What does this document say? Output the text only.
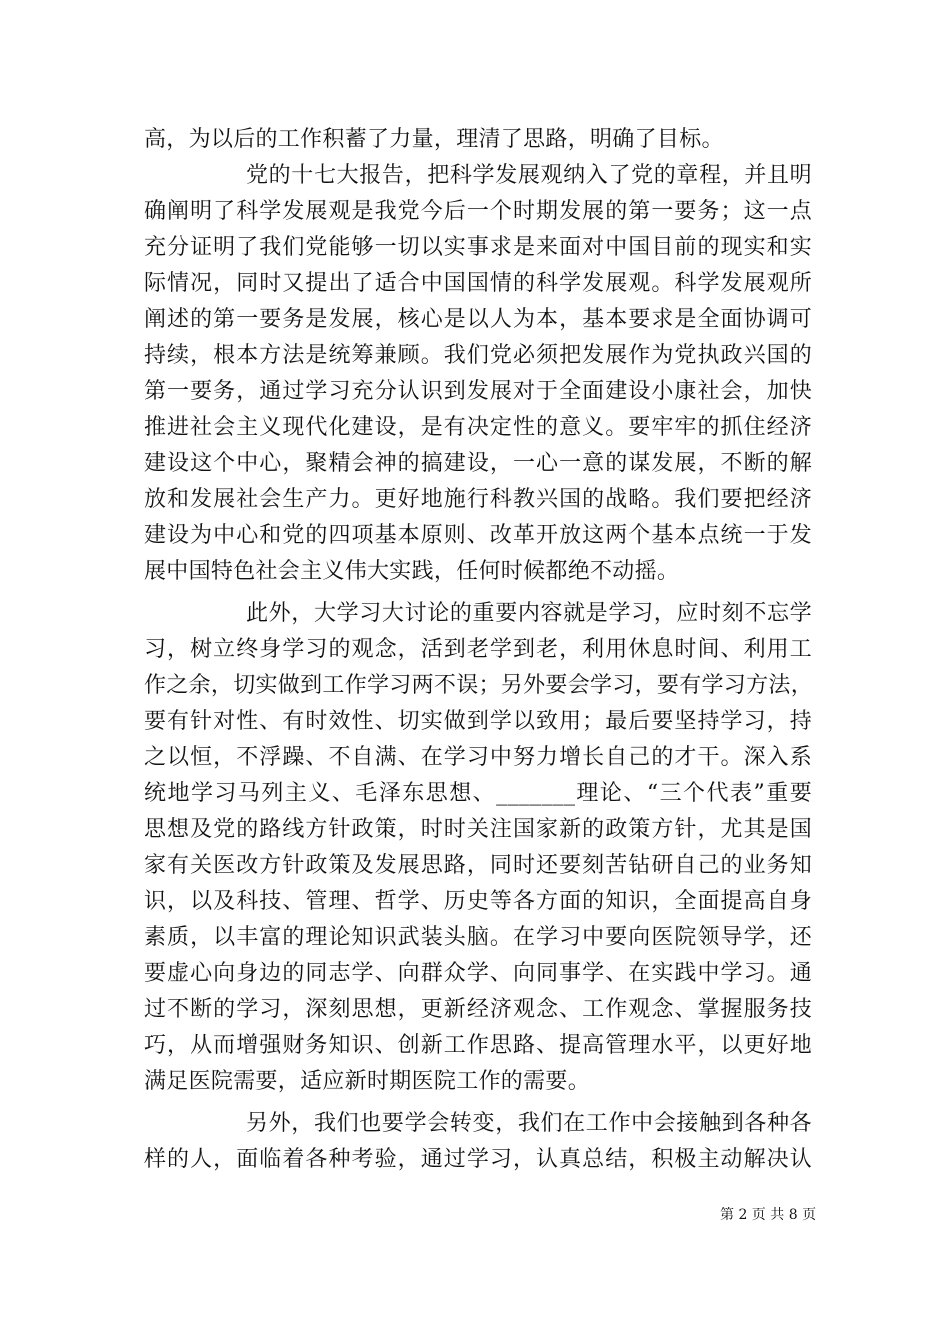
高，为以后的工作积蓄了力量，理清了思路，明确了目标。
党的十七大报告，把科学发展观纳入了党的章程，并且明
确阐明了科学发展观是我党今后一个时期发展的第一要务；这一点
充分证明了我们党能够一切以实事求是来面对中国目前的现实和实
际情况，同时又提出了适合中国国情的科学发展观。科学发展观所
阐述的第一要务是发展，核心是以人为本，基本要求是全面协调可
持续，根本方法是统筹兼顾。我们党必须把发展作为党执政兴国的
第一要务，通过学习充分认识到发展对于全面建设小康社会，加快
推进社会主义现代化建设，是有决定性的意义。要牢牢的抓住经济
建设这个中心，聚精会神的搞建设，一心一意的谋发展，不断的解
放和发展社会生产力。更好地施行科教兴国的战略。我们要把经济
建设为中心和党的四项基本原则、改革开放这两个基本点统一于发
展中国特色社会主义伟大实践，任何时候都绝不动摇。
此外，大学习大讨论的重要内容就是学习，应时刻不忘学
习，树立终身学习的观念，活到老学到老，利用休息时间、利用工
作之余，切实做到工作学习两不误；另外要会学习，要有学习方法，
要有针对性、有时效性、切实做到学以致用；最后要坚持学习，持
之以恒，不浮躁、不自满、在学习中努力增长自己的才干。深入系
统地学习马列主义、毛泽东思想、_______理论、“三个代表”重要
思想及党的路线方针政策，时时关注国家新的政策方针，尤其是国
家有关医改方针政策及发展思路，同时还要刻苦钻研自己的业务知
识，以及科技、管理、哲学、历史等各方面的知识，全面提高自身
素质，以丰富的理论知识武装头脑。在学习中要向医院领导学，还
要虚心向身边的同志学、向群众学、向同事学、在实践中学习。通
过不断的学习，深刻思想，更新经济观念、工作观念、掌握服务技
巧，从而增强财务知识、创新工作思路、提高管理水平，以更好地
满足医院需要，适应新时期医院工作的需要。
另外，我们也要学会转变，我们在工作中会接触到各种各
样的人，面临着各种考验，通过学习，认真总结，积极主动解决认
第 2 页 共 8 页
